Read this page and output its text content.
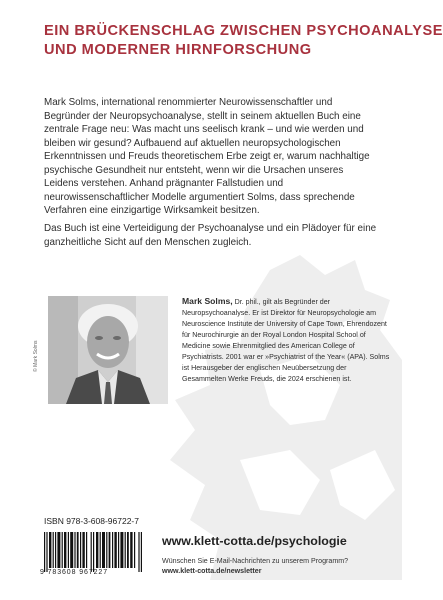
EIN BRÜCKENSCHLAG ZWISCHEN PSYCHOANALYSE
UND MODERNER HIRNFORSCHUNG

Mark Solms, international renommierter Neurowissenschaftler und Begründer der Neuropsychoanalyse, stellt in seinem aktuellen Buch eine zentrale Frage neu: Was macht uns seelisch krank – und wie werden und bleiben wir gesund? Aufbauend auf aktuellen neuropsychologischen Erkenntnissen und Freuds theoretischem Erbe zeigt er, warum nachhaltige psychische Gesundheit nur entsteht, wenn wir die Ursachen unseres Leidens verstehen. Anhand prägnanter Fallstudien und neurowissenschaftlicher Modelle argumentiert Solms, dass sprechende Verfahren eine einzigartige Wirksamkeit besitzen.

Das Buch ist eine Verteidigung der Psychoanalyse und ein Plädoyer für eine ganzheitliche Sicht auf den Menschen zugleich.

© Mark Solms

Mark Solms, Dr. phil., gilt als Begründer der Neuropsychoanalyse. Er ist Direktor für Neuropsychologie am Neuroscience Institute der University of Cape Town, Ehrendozent für Neurochirurgie an der Royal London Hospital School of Medicine sowie Ehrenmitglied des American College of Psychiatrists. 2001 war er »Psychiatrist of the Year« (APA). Solms ist Herausgeber der englischen Neuübersetzung der Gesammelten Werke Freuds, die 2024 erschienen ist.

ISBN 978-3-608-96722-7
9 783608 967227
www.klett-cotta.de/psychologie
Wünschen Sie E-Mail-Nachrichten zu unserem Programm?
www.klett-cotta.de/newsletter
